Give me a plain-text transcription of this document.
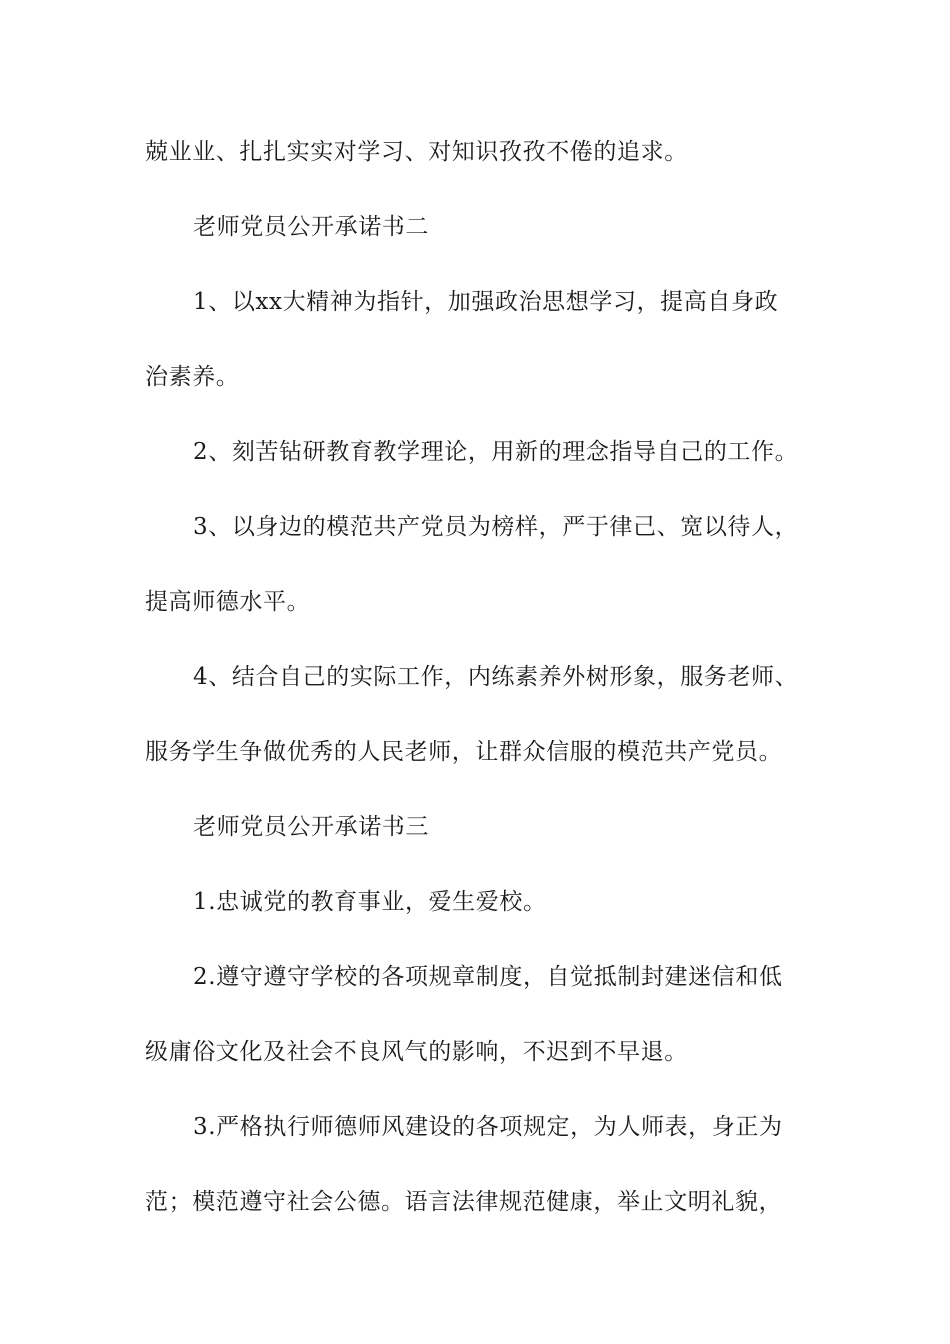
兢业业、扎扎实实对学习、对知识孜孜不倦的追求。
老师党员公开承诺书二
1、以xx大精神为指针，加强政治思想学习，提高自身政
治素养。
2、刻苦钻研教育教学理论，用新的理念指导自己的工作。
3、以身边的模范共产党员为榜样，严于律己、宽以待人，
提高师德水平。
4、结合自己的实际工作，内练素养外树形象，服务老师、
服务学生争做优秀的人民老师，让群众信服的模范共产党员。
老师党员公开承诺书三
1.忠诚党的教育事业，爱生爱校。
2.遵守遵守学校的各项规章制度，自觉抵制封建迷信和低
级庸俗文化及社会不良风气的影响，不迟到不早退。
3.严格执行师德师风建设的各项规定，为人师表，身正为
范；模范遵守社会公德。语言法律规范健康，举止文明礼貌，
